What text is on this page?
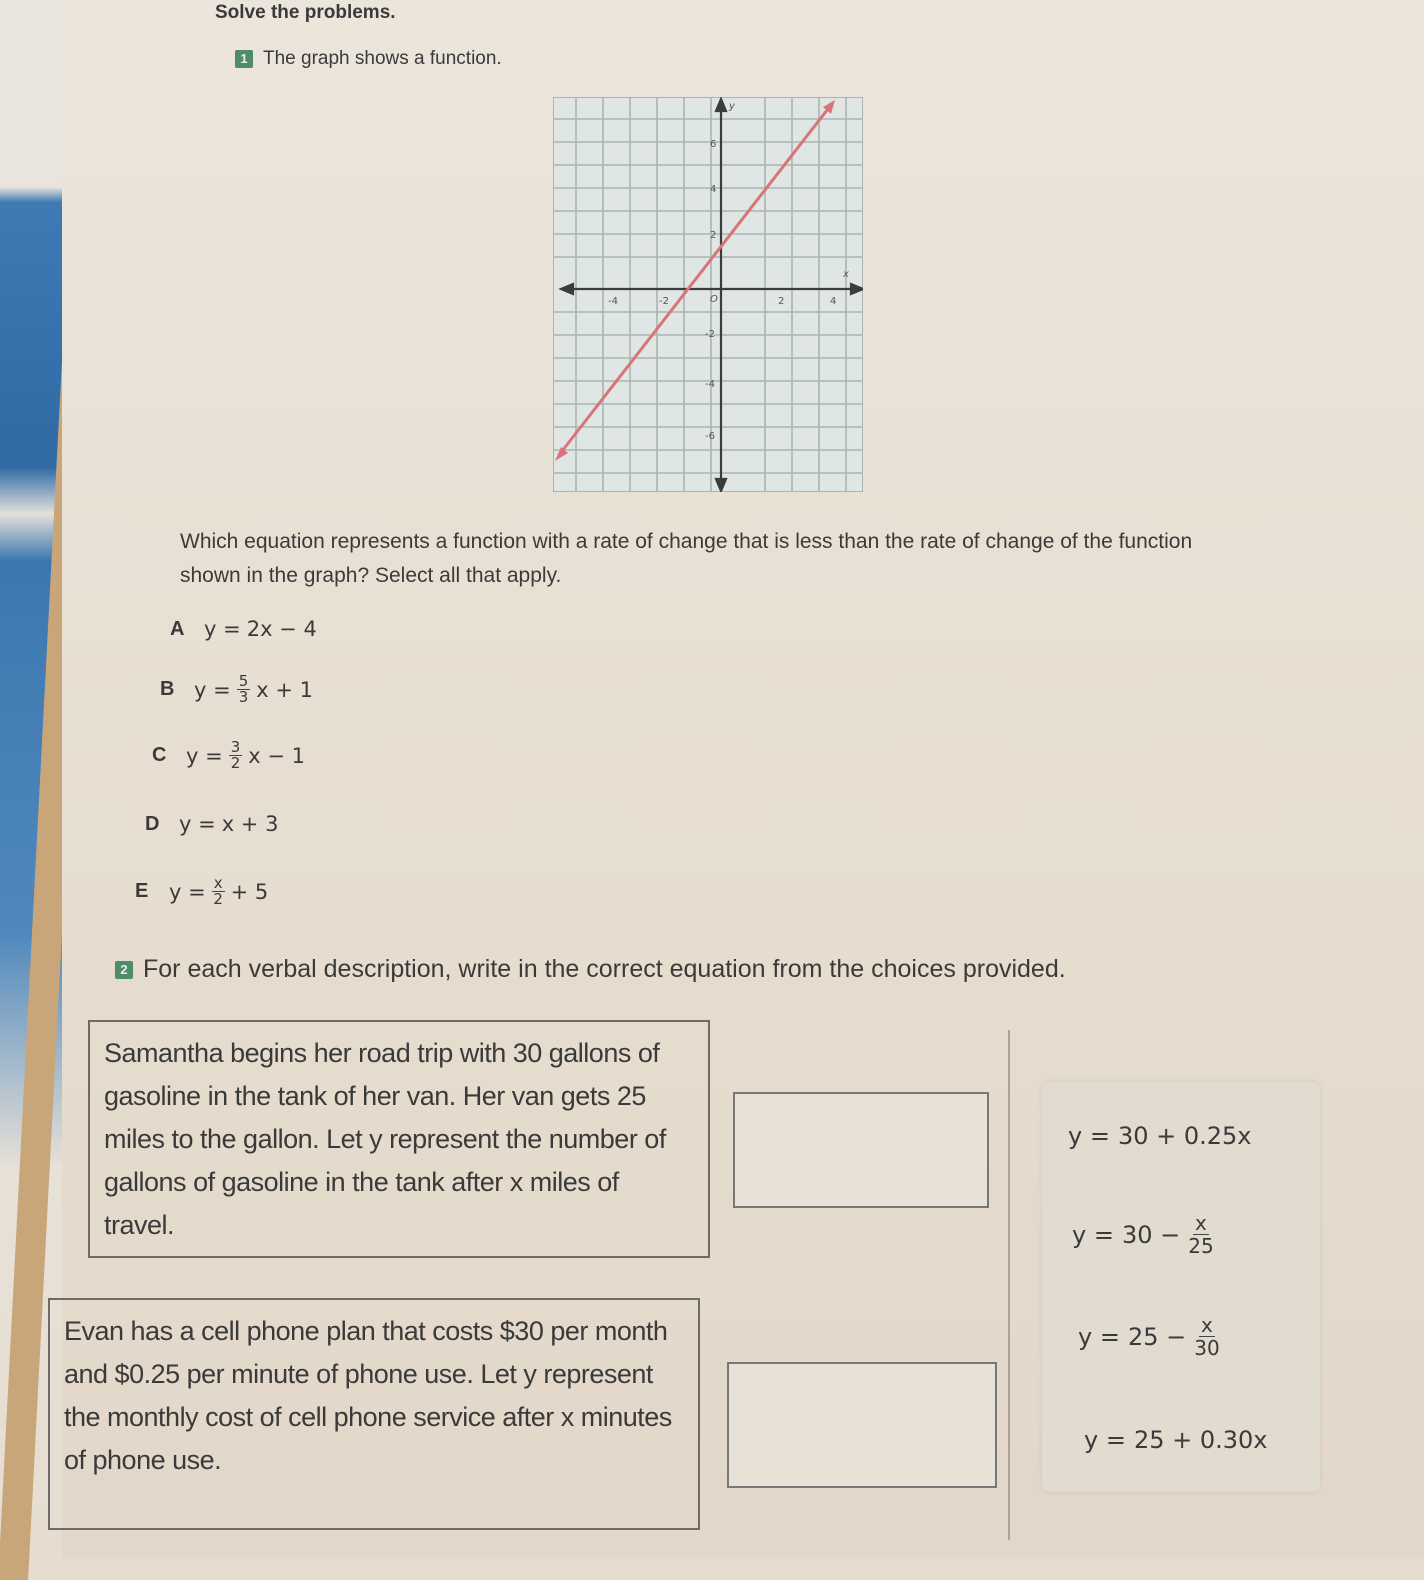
Solve the problems.
1 The graph shows a function.
y
x
6
4
2
-2
-4
-6
-4	-2	O	2	4
Which equation represents a function with a rate of change that is less than the rate of change of the function shown in the graph? Select all that apply.
A y = 2x − 4
B $y = \frac{5}{3}$ x + 1
C $y = \frac{3}{2}$ x − 1
D y = x + 3
E $y = \frac{x}{2} + 5$
2 For each verbal description, write in the correct equation from the choices provided.
Samantha begins her road trip with 30 gallons of gasoline in the tank of her van. Her van gets 25 miles to the gallon. Let y represent the number of gallons of gasoline in the tank after x miles of travel.
Evan has a cell phone plan that costs $30 per month and $0.25 per minute of phone use. Let y represent the monthly cost of cell phone service after x minutes of phone use.
y = 30 + 0.25x
$y = 30 - \frac{x}{25}$
$y = 25 - \frac{x}{30}$
y = 25 + 0.30x
